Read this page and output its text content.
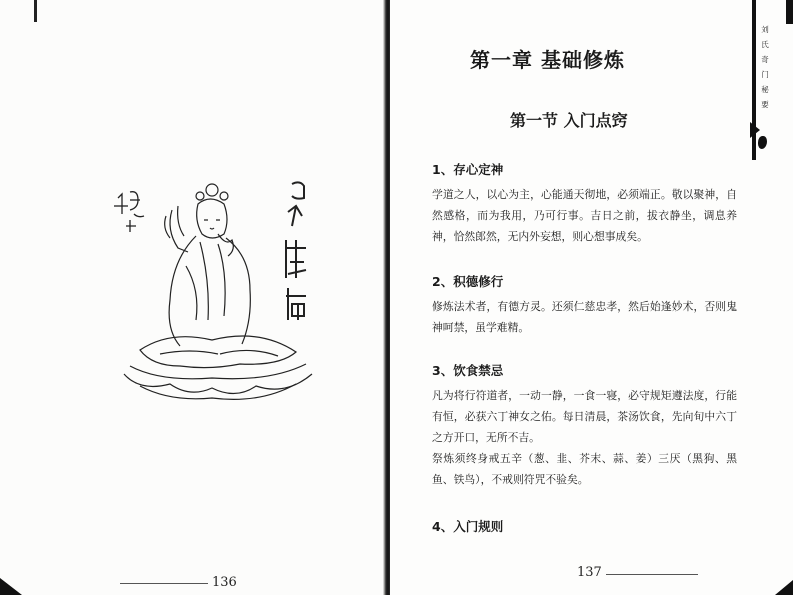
136
刘氏奇门秘要
第一章 基础修炼
第一节 入门点窍

1、存心定神

学道之人，以心为主，心能通天彻地，必须端正。敬以聚神，自然感格，而为我用，乃可行事。吉日之前，拔衣静坐，调息养神，恰然郎然，无内外妄想，则心想事成矣。

2、积德修行

修炼法术者，有德方灵。还须仁慈忠孝，然后始逢妙术，否则鬼神呵禁，虽学难精。

3、饮食禁忌

凡为将行符道者，一动一静，一食一寝，必守规矩遵法度，行能有恒，必获六丁神女之佑。每日清晨，茶汤饮食，先向旬中六丁之方开口，无所不吉。

祭炼须终身戒五辛（葱、韭、芥末、蒜、姜）三厌（黑狗、黑鱼、铁鸟），不戒则符咒不验矣。

4、入门规则

137
